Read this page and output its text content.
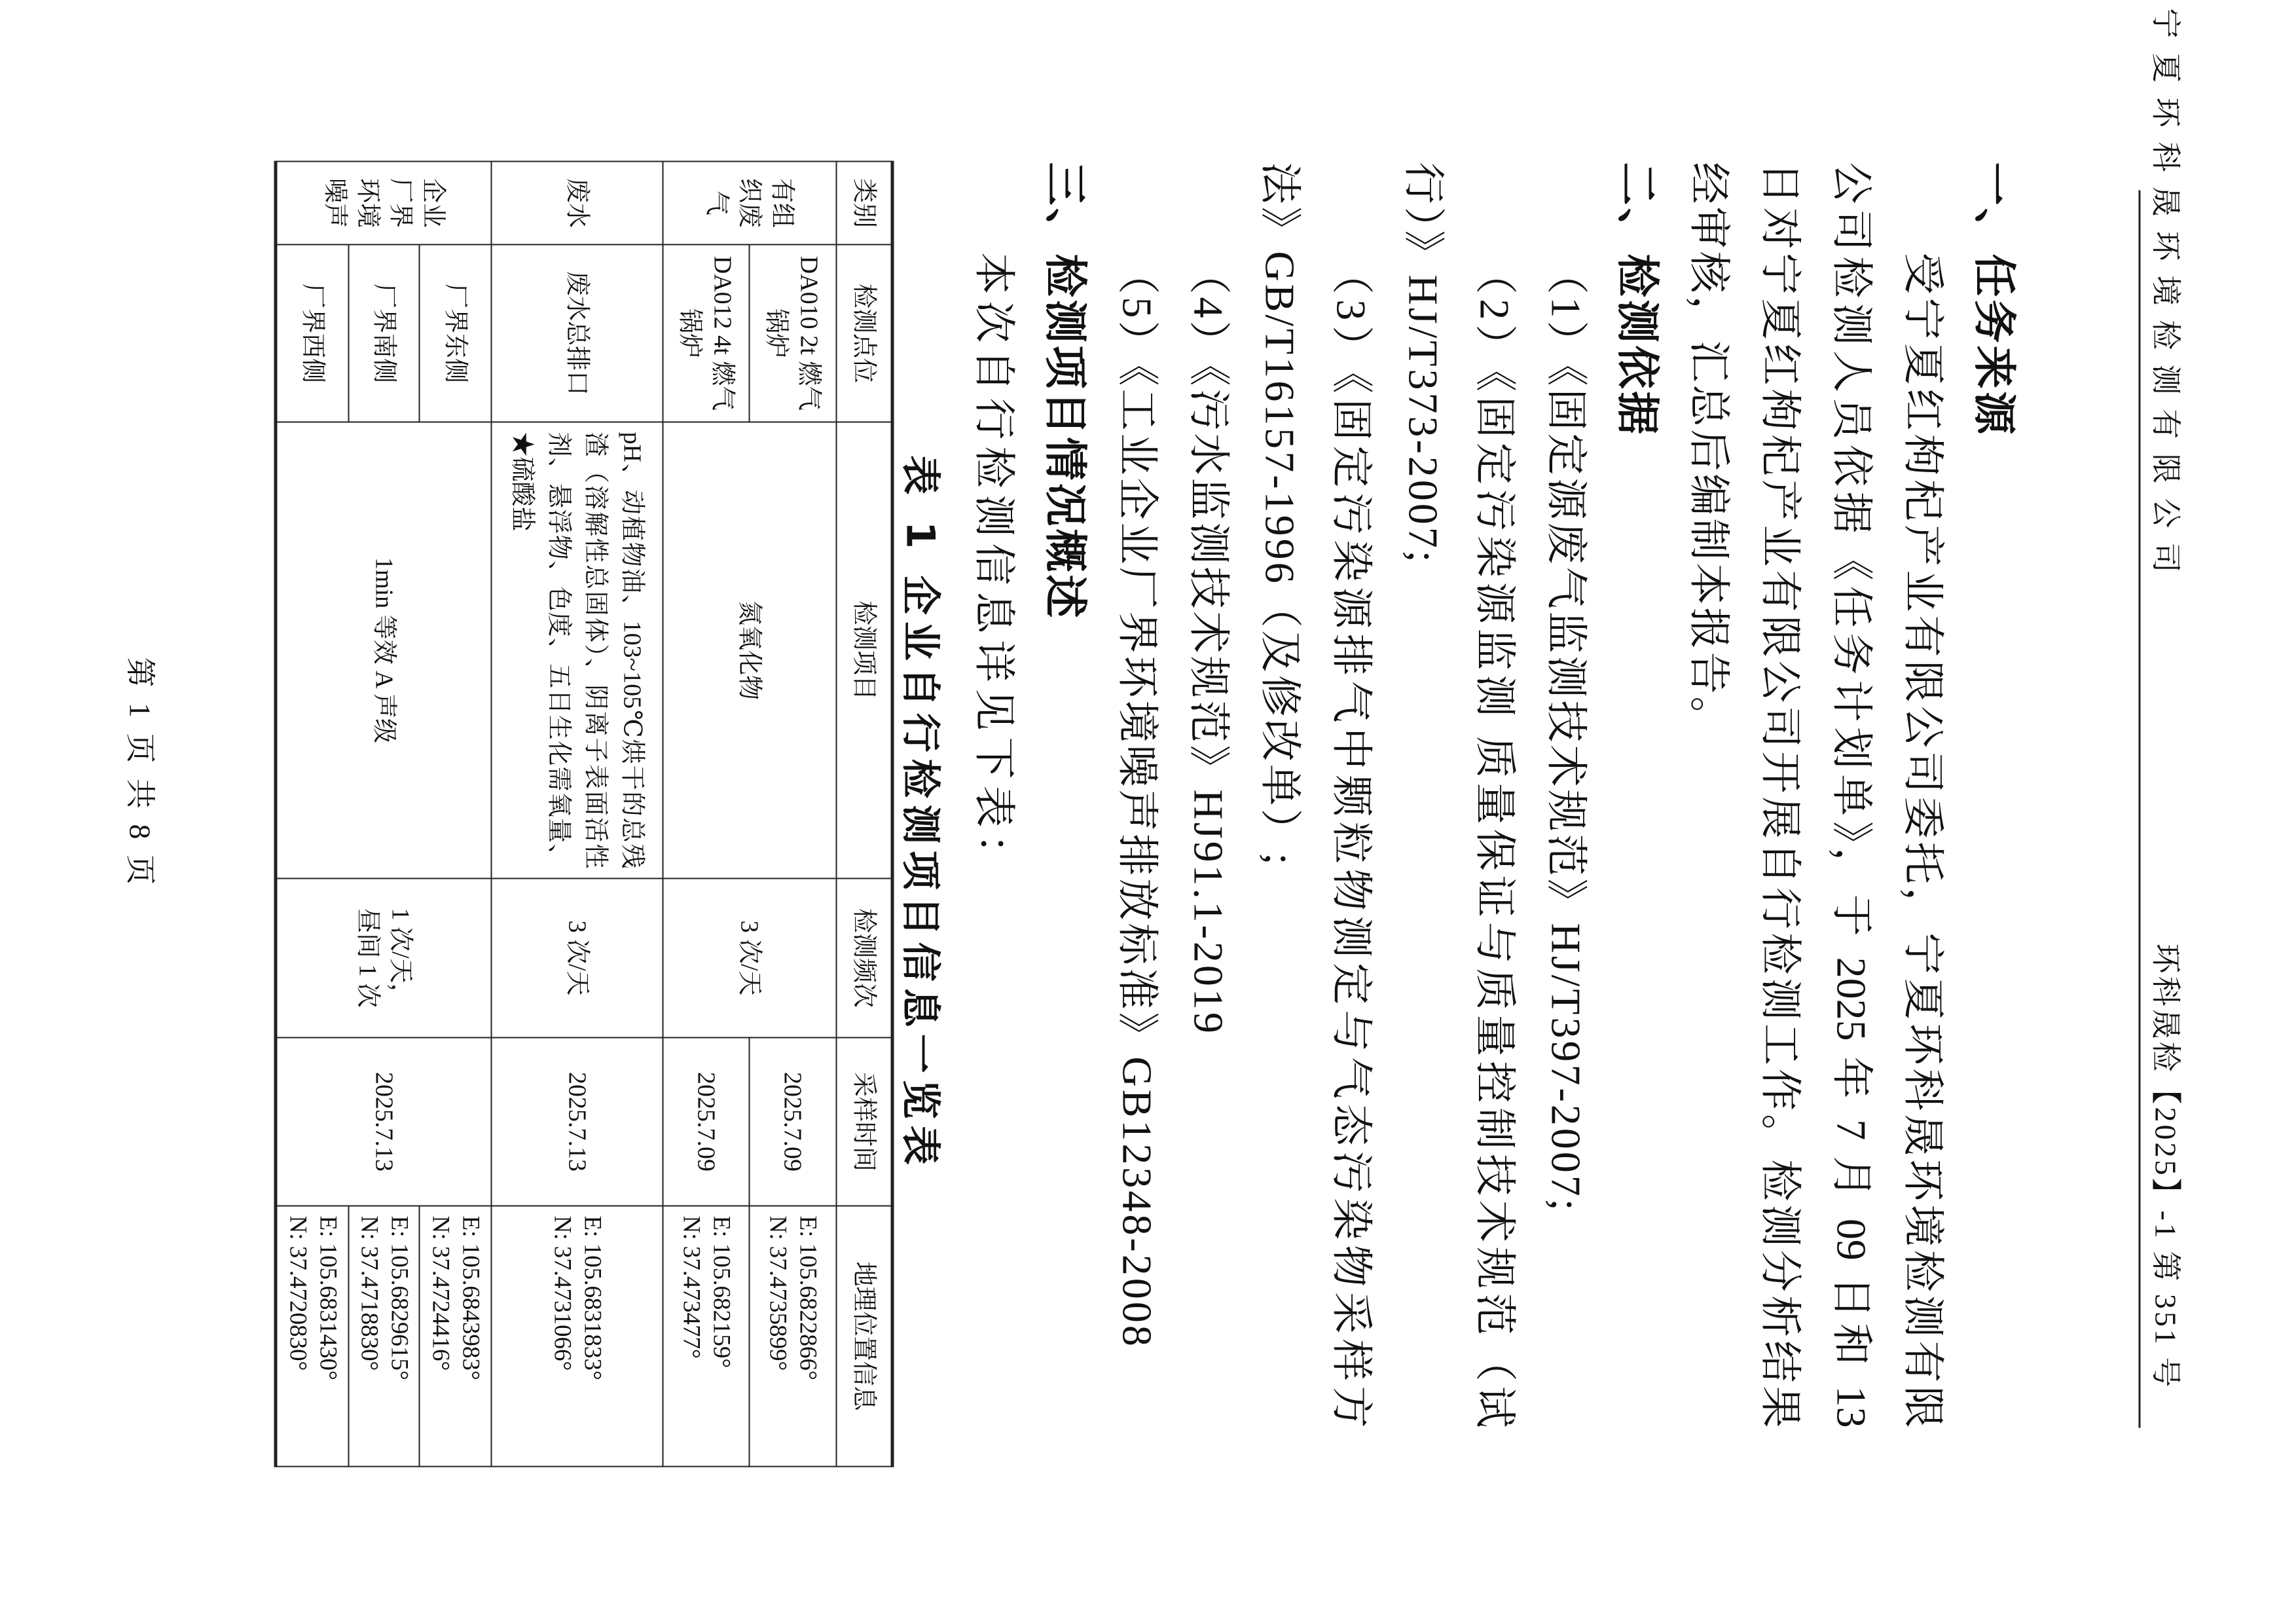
宁夏环科晟环境检测有限公司
环科晟检【2025】-1 第 351 号
一、任务来源
受宁夏红枸杞产业有限公司委托，宁夏环科晟环境检测有限
公司检测人员依据《任务计划单》，于 2025 年 7 月 09 日和 13
日对宁夏红枸杞产业有限公司开展自行检测工作。检测分析结果
经审核，汇总后编制本报告。
二、检测依据
（1）《固定源废气监测技术规范》HJ/T397-2007;
（2）《固定污染源监测 质量保证与质量控制技术规范（试
行）》HJ/T373-2007;
（3）《固定污染源排气中颗粒物测定与气态污染物采样方
法》GB/T16157-1996（及修改单）;
（4）《污水监测技术规范》HJ91.1-2019
（5）《工业企业厂界环境噪声排放标准》GB12348-2008
三、检测项目情况概述
本次自行检测信息详见下表：
表 1 企业自行检测项目信息一览表
类别	检测点位	检测项目	检测频次	采样时间	地理位置信息
有组织废气	DA010 2t 燃气锅炉	氮氧化物	3 次/天	2025.7.09	E: 105.6822866°
N: 37.4735899°

	DA012 4t 燃气锅炉			2025.7.09	E: 105.682159°
N: 37.473477°

废水	废水总排口	pH、动植物油、103~105℃烘干的总残渣（溶解性总固体）、阴离子表面活性剂、悬浮物、色度、五日生化需氧量、★硫酸盐	3 次/天	2025.7.13	E: 105.6831833°
N: 37.4731066°

企业厂界环境噪声	厂界东侧	1min 等效 A 声级	1 次/天，
昼间 1 次	2025.7.13	E: 105.6843983°
N: 37.4724416°

	厂界南侧				E: 105.6829615°
N: 37.4718830°

	厂界西侧				E: 105.6831430°
N: 37.4720830°
第 1 页 共 8 页
